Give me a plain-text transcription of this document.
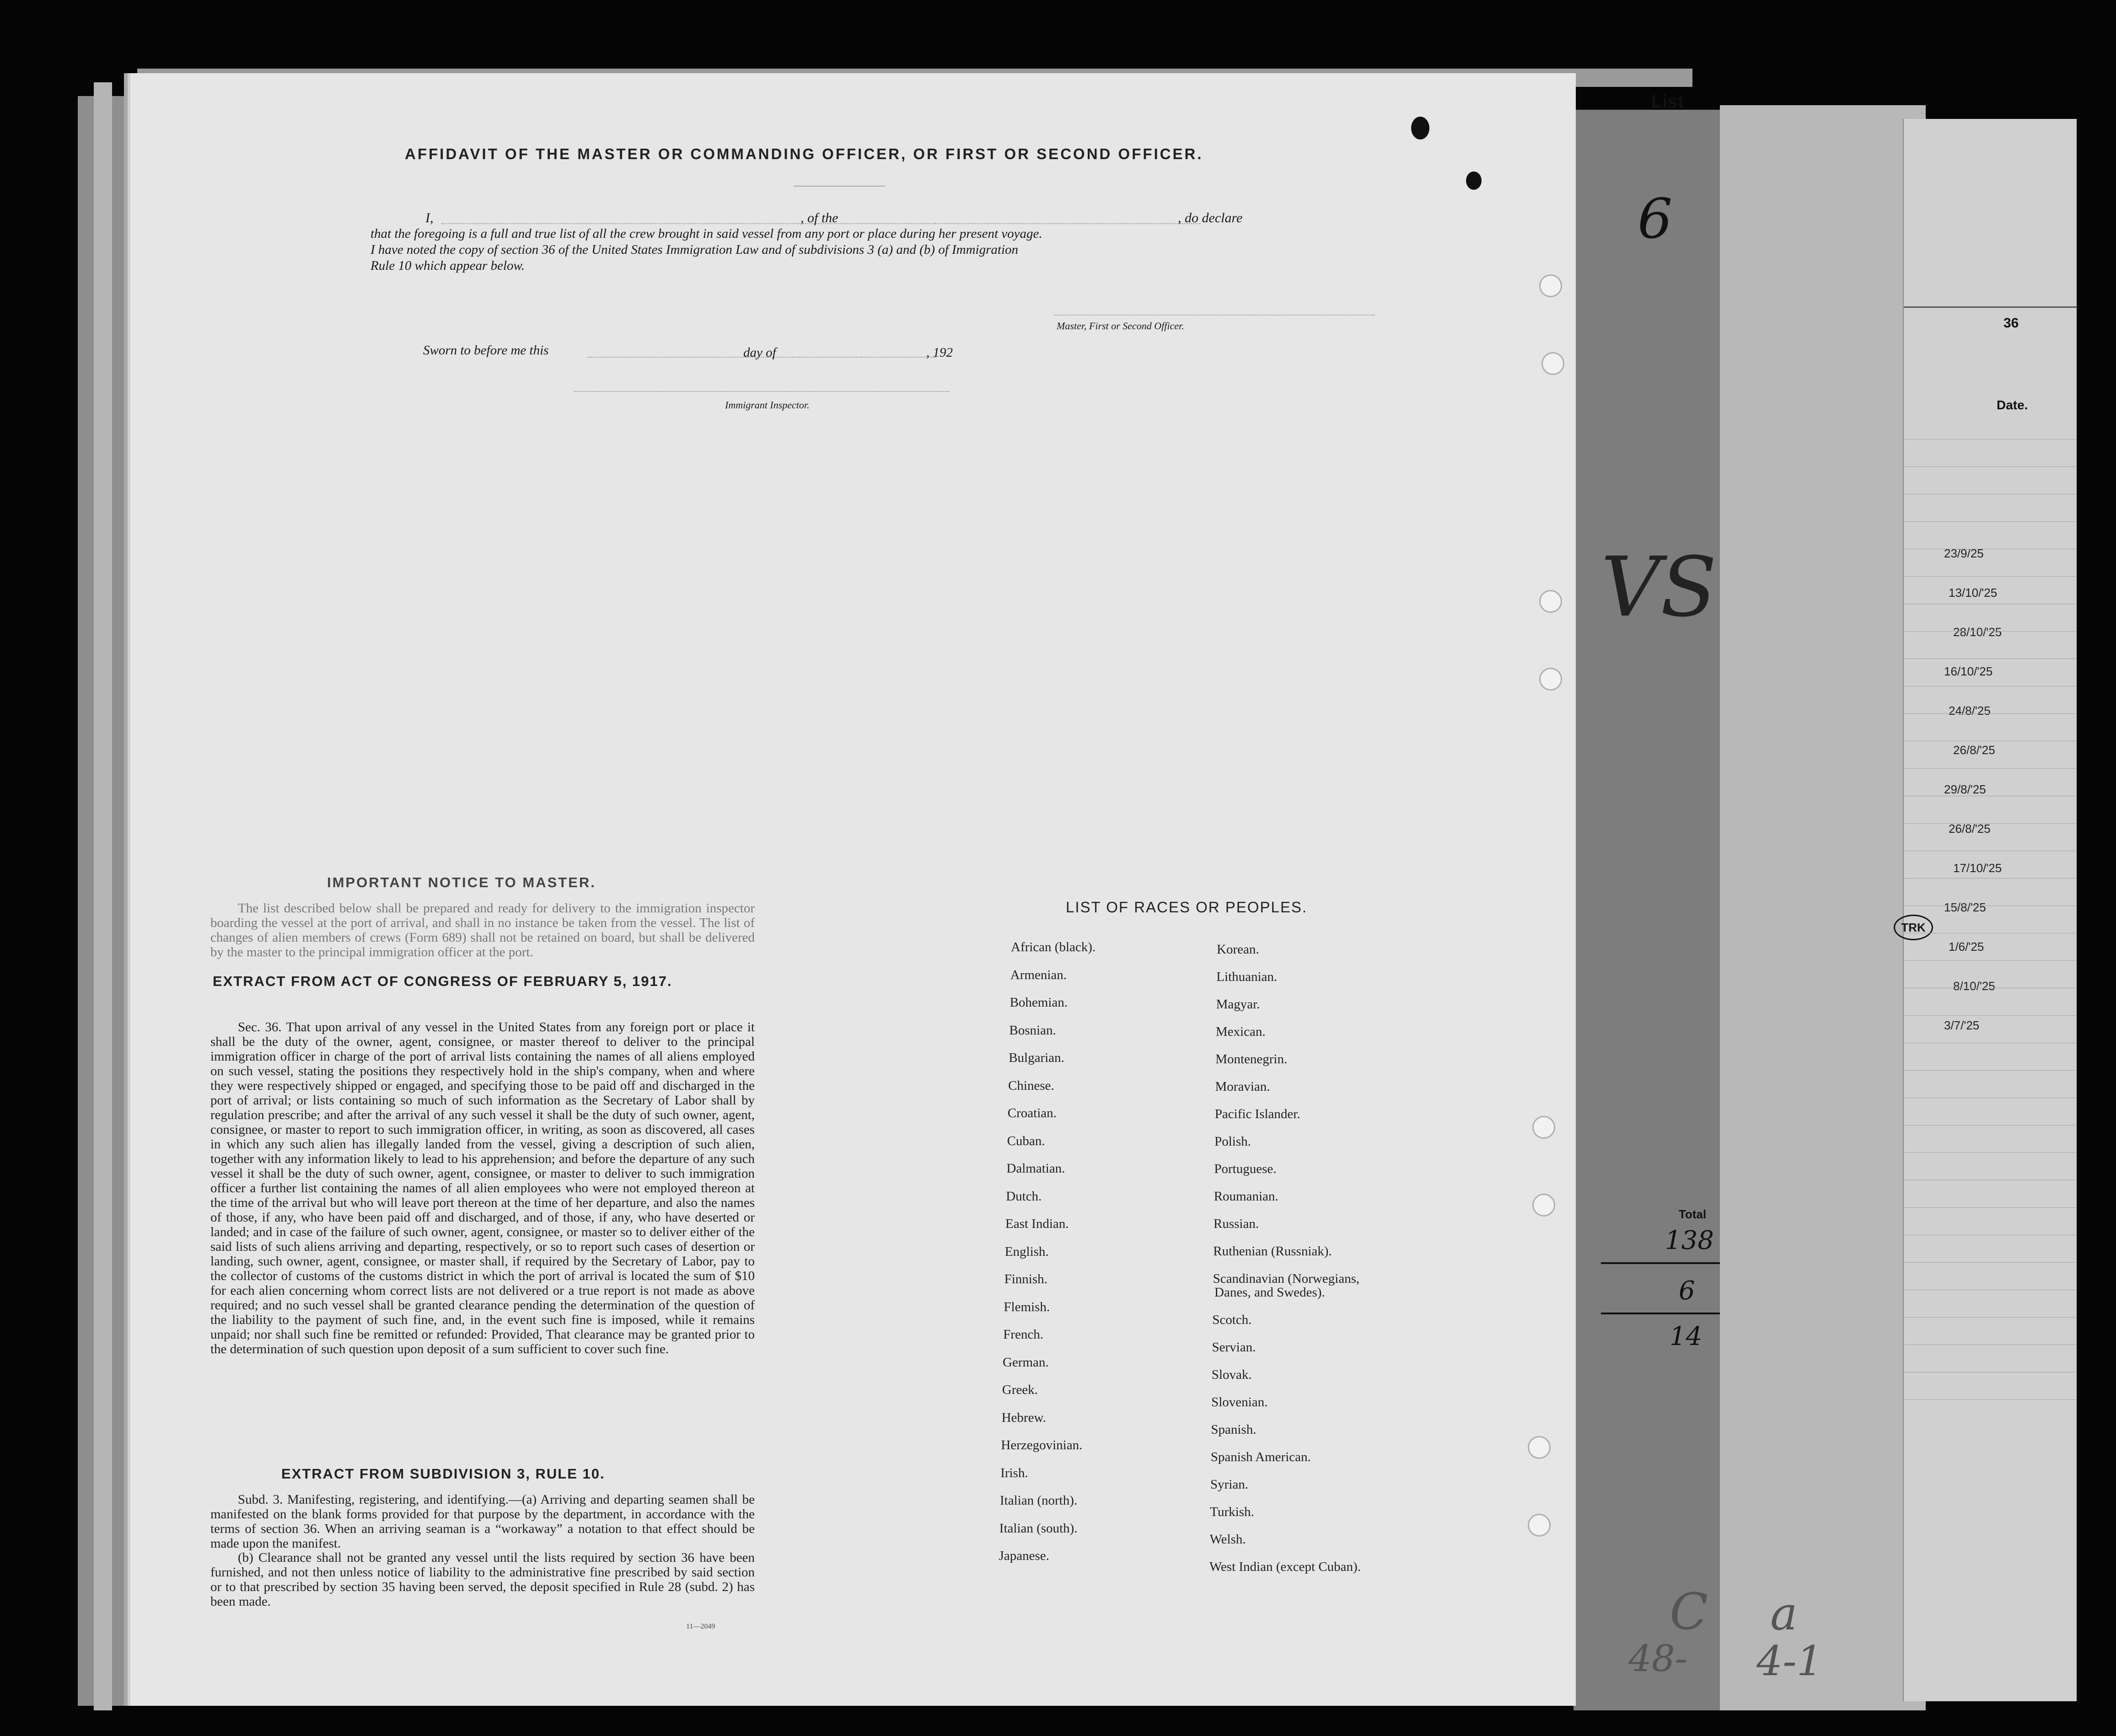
VS
6
Total
138
6
14
List
C
48-
a
4-1
36
Date.
23/9/25
13/10/'25
28/10/'25
16/10/'25
24/8/'25
26/8/'25
29/8/'25
26/8/'25
17/10/'25
15/8/'25
1/6/'25
8/10/'25
3/7/'25
TRK
AFFIDAVIT OF THE MASTER OR COMMANDING OFFICER, OR FIRST OR SECOND OFFICER.
I,	, of the	, do declare
that the foregoing is a full and true list of all the crew brought in said vessel from any port or place during her present voyage.
I have noted the copy of section 36 of the United States Immigration Law and of subdivisions 3 (a) and (b) of Immigration
Rule 10 which appear below.
Master, First or Second Officer.
Sworn to before me this	day of	, 192
Immigrant Inspector.
IMPORTANT NOTICE TO MASTER.
The list described below shall be prepared and ready for delivery to the immigration inspector boarding the vessel at the port of arrival, and shall in no instance be taken from the vessel. The list of changes of alien members of crews (Form 689) shall not be retained on board, but shall be delivered by the master to the principal immigration officer at the port.
EXTRACT FROM ACT OF CONGRESS OF FEBRUARY 5, 1917.
Sec. 36. That upon arrival of any vessel in the United States from any foreign port or place it shall be the duty of the owner, agent, consignee, or master thereof to deliver to the principal immigration officer in charge of the port of arrival lists containing the names of all aliens employed on such vessel, stating the positions they respectively hold in the ship's company, when and where they were respectively shipped or engaged, and specifying those to be paid off and discharged in the port of arrival; or lists containing so much of such information as the Secretary of Labor shall by regulation prescribe; and after the arrival of any such vessel it shall be the duty of such owner, agent, consignee, or master to report to such immigration officer, in writing, as soon as discovered, all cases in which any such alien has illegally landed from the vessel, giving a description of such alien, together with any information likely to lead to his apprehension; and before the departure of any such vessel it shall be the duty of such owner, agent, consignee, or master to deliver to such immigration officer a further list containing the names of all alien employees who were not employed thereon at the time of the arrival but who will leave port thereon at the time of her departure, and also the names of those, if any, who have been paid off and discharged, and of those, if any, who have deserted or landed; and in case of the failure of such owner, agent, consignee, or master so to deliver either of the said lists of such aliens arriving and departing, respectively, or so to report such cases of desertion or landing, such owner, agent, consignee, or master shall, if required by the Secretary of Labor, pay to the collector of customs of the customs district in which the port of arrival is located the sum of $10 for each alien concerning whom correct lists are not delivered or a true report is not made as above required; and no such vessel shall be granted clearance pending the determination of the question of the liability to the payment of such fine, and, in the event such fine is imposed, while it remains unpaid; nor shall such fine be remitted or refunded: Provided, That clearance may be granted prior to the determination of such question upon deposit of a sum sufficient to cover such fine.
EXTRACT FROM SUBDIVISION 3, RULE 10.
Subd. 3. Manifesting, registering, and identifying.—(a) Arriving and departing seamen shall be manifested on the blank forms provided for that purpose by the department, in accordance with the terms of section 36. When an arriving seaman is a “workaway” a notation to that effect should be made upon the manifest.
(b) Clearance shall not be granted any vessel until the lists required by section 36 have been furnished, and not then unless notice of liability to the administrative fine prescribed by said section or to that prescribed by section 35 having been served, the deposit specified in Rule 28 (subd. 2) has been made.
11—2049
LIST OF RACES OR PEOPLES.
African (black).
Armenian.
Bohemian.
Bosnian.
Bulgarian.
Chinese.
Croatian.
Cuban.
Dalmatian.
Dutch.
East Indian.
English.
Finnish.
Flemish.
French.
German.
Greek.
Hebrew.
Herzegovinian.
Irish.
Italian (north).
Italian (south).
Japanese.
Korean.
Lithuanian.
Magyar.
Mexican.
Montenegrin.
Moravian.
Pacific Islander.
Polish.
Portuguese.
Roumanian.
Russian.
Ruthenian (Russniak).
Scandinavian (Norwegians,
Danes, and Swedes).
Scotch.
Servian.
Slovak.
Slovenian.
Spanish.
Spanish American.
Syrian.
Turkish.
Welsh.
West Indian (except Cuban).
